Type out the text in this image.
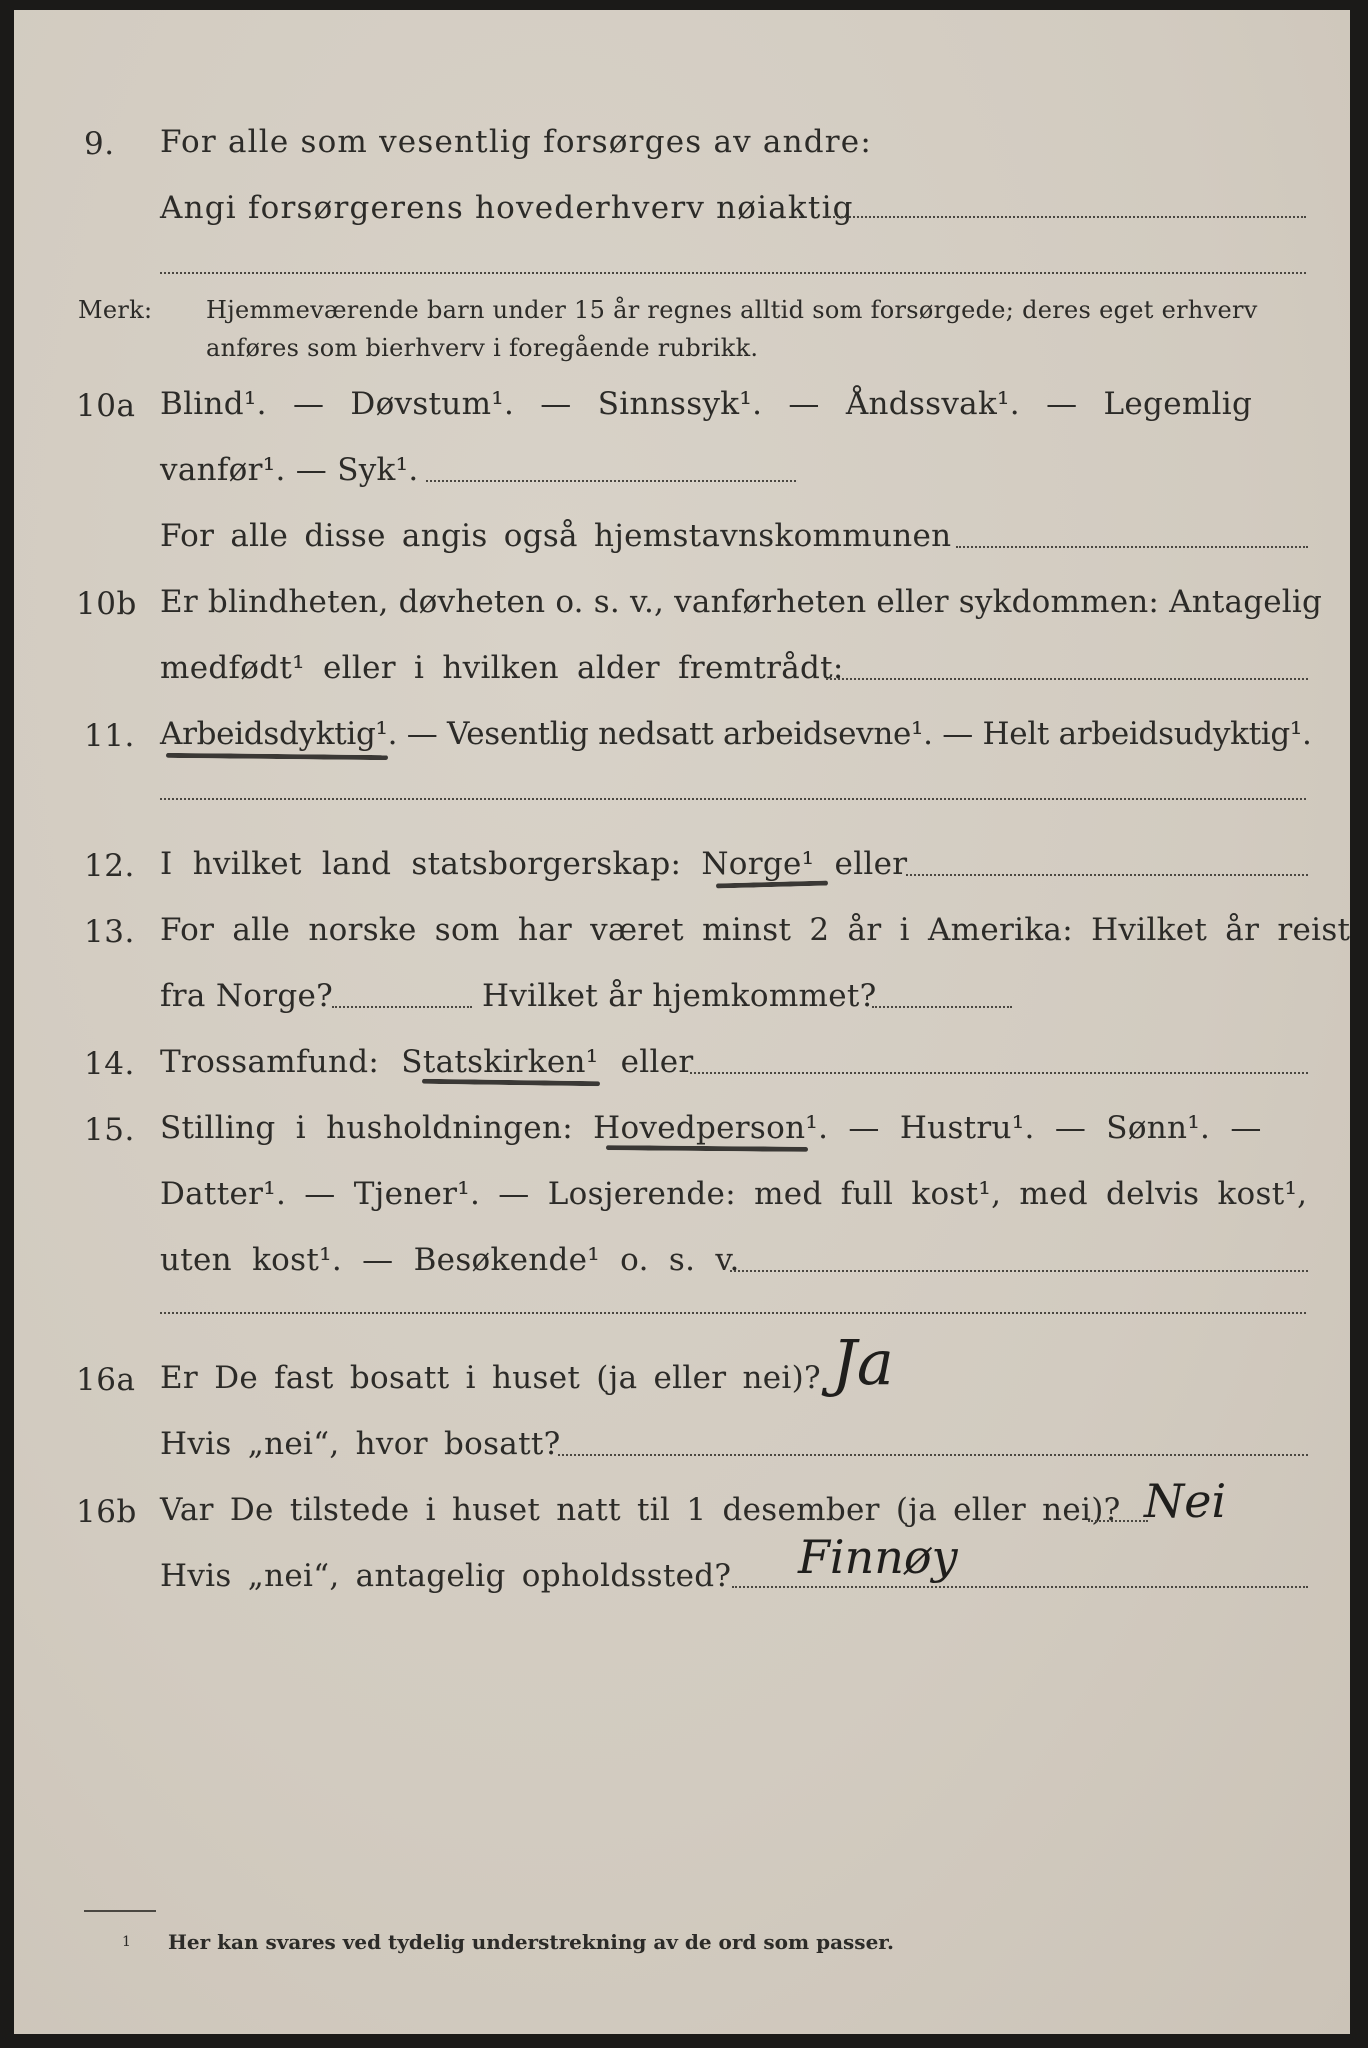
9. For alle som vesentlig forsørges av andre:
Angi forsørgerens hovederhverv nøiaktig
Merk: Hjemmeværende barn under 15 år regnes alltid som forsørgede; deres eget erhverv
anføres som bierhverv i foregående rubrikk.
10a Blind¹. — Døvstum¹. — Sinnssyk¹. — Åndssvak¹. — Legemlig
vanfør¹. — Syk¹.
For alle disse angis også hjemstavnskommunen
10b Er blindheten, døvheten o. s. v., vanførheten eller sykdommen: Antagelig
medfødt¹ eller i hvilken alder fremtrådt:
11. Arbeidsdyktig¹. — Vesentlig nedsatt arbeidsevne¹. — Helt arbeidsudyktig¹.
12. I hvilket land statsborgerskap: Norge¹ eller
13. For alle norske som har været minst 2 år i Amerika: Hvilket år reist
fra Norge?	Hvilket år hjemkommet?
14. Trossamfund: Statskirken¹ eller
15. Stilling i husholdningen: Hovedperson¹. — Hustru¹. — Sønn¹. —
Datter¹. — Tjener¹. — Losjerende: med full kost¹, med delvis kost¹,
uten kost¹. — Besøkende¹ o. s. v.
16a Er De fast bosatt i huset (ja eller nei)? Ja
Hvis „nei“, hvor bosatt?
16b Var De tilstede i huset natt til 1 desember (ja eller nei)? Nei
Hvis „nei“, antagelig opholdssted? Finnøy
1 Her kan svares ved tydelig understrekning av de ord som passer.
